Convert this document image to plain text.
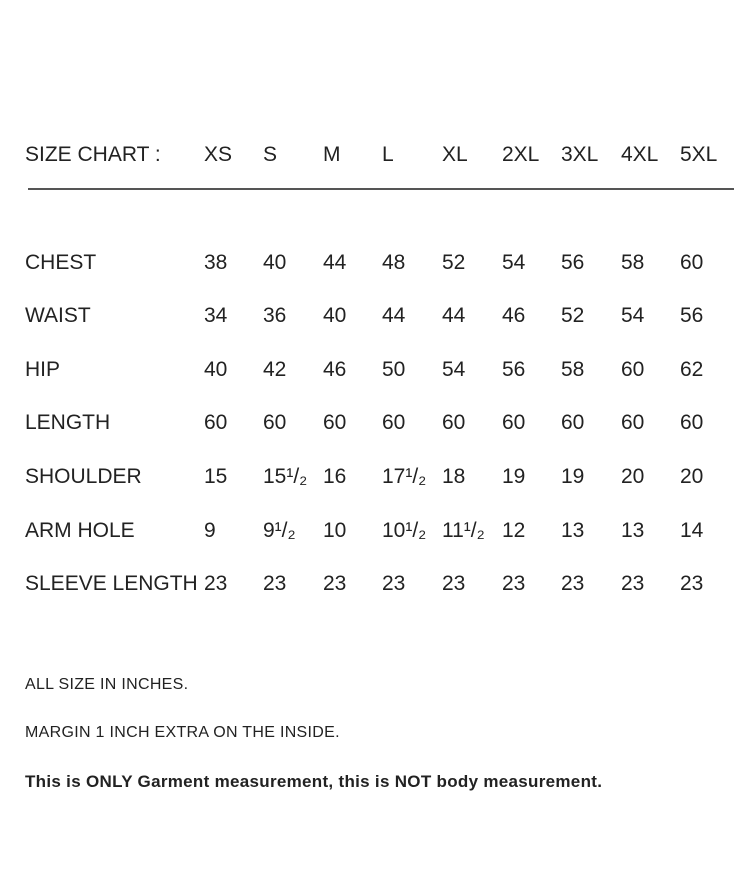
SIZE CHART : XS S M L XL 2XL 3XL 4XL 5XL
CHEST	38 40 44 48 52 54 56 58 60
WAIST	34 36 40 44 44 46 52 54 56
HIP	40 42 46 50 54 56 58 60 62
LENGTH	60 60 60 60 60 60 60 60 60
SHOULDER	15 15¹/₂ 16 17¹/₂ 18 19 19 20 20
ARM HOLE	9 9¹/₂ 10 10¹/₂ 11¹/₂ 12 13 13 14
SLEEVE LENGTH 23 23 23 23 23 23 23 23 23
ALL SIZE IN INCHES.
MARGIN 1 INCH EXTRA ON THE INSIDE.
This is ONLY Garment measurement, this is NOT body measurement.
